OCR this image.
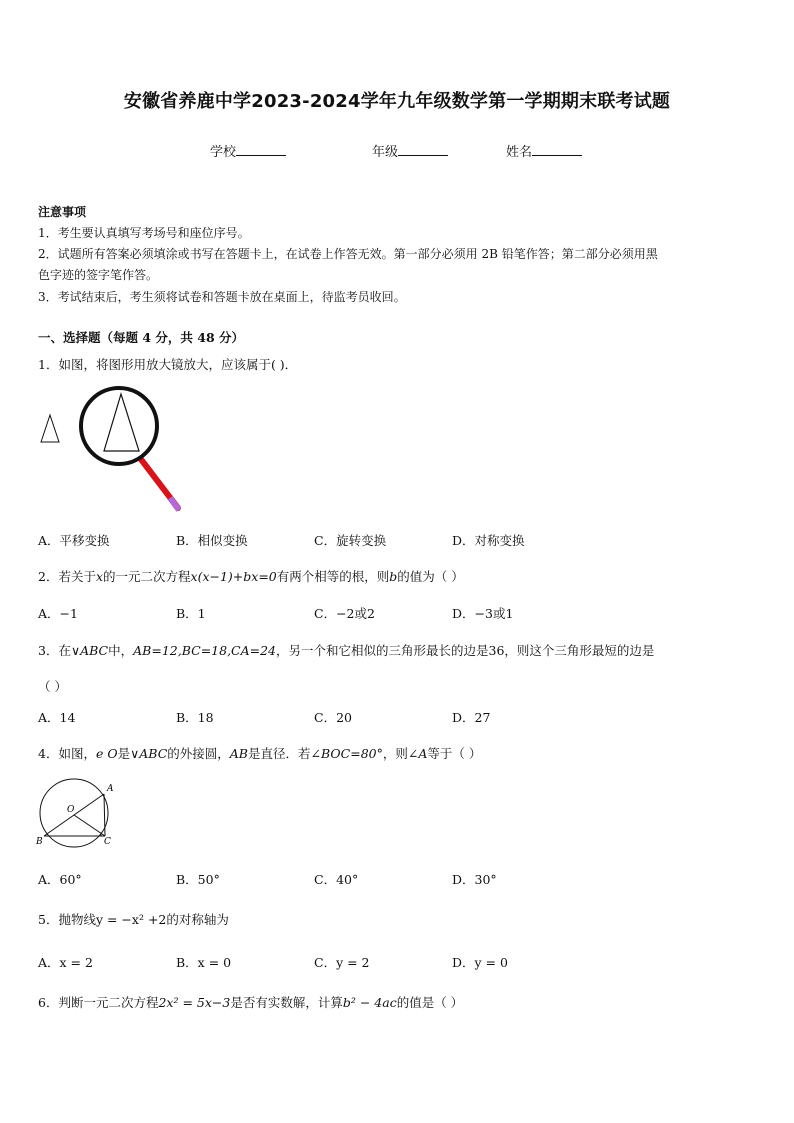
安徽省养鹿中学2023-2024学年九年级数学第一学期期末联考试题
学校	年级	姓名
注意事项
1．考生要认真填写考场号和座位序号。
2．试题所有答案必须填涂或书写在答题卡上，在试卷上作答无效。第一部分必须用 2B 铅笔作答；第二部分必须用黑
色字迹的签字笔作答。
3．考试结束后，考生须将试卷和答题卡放在桌面上，待监考员收回。
一、选择题（每题 4 分，共 48 分）
1．如图，将图形用放大镜放大，应该属于( )．
A．平移变换	B．相似变换	C．旋转变换	D．对称变换
2．若关于x的一元二次方程x(x−1)+bx=0有两个相等的根，则b的值为（ ）
A．−1	B．1	C．−2或2	D．−3或1
3．在∨ABC中，AB=12,BC=18,CA=24，另一个和它相似的三角形最长的边是36，则这个三角形最短的边是
（ ）
A．14	B．18	C．20	D．27
4．如图，e O是∨ABC的外接圆，AB是直径．若∠BOC=80°，则∠A等于（ ）
A
O
B	C
A．60°	B．50°	C．40°	D．30°
5．抛物线y = −x² +2的对称轴为
A．x = 2	B．x = 0	C．y = 2	D．y = 0
6．判断一元二次方程2x² = 5x−3是否有实数解，计算b² − 4ac的值是（ ）
